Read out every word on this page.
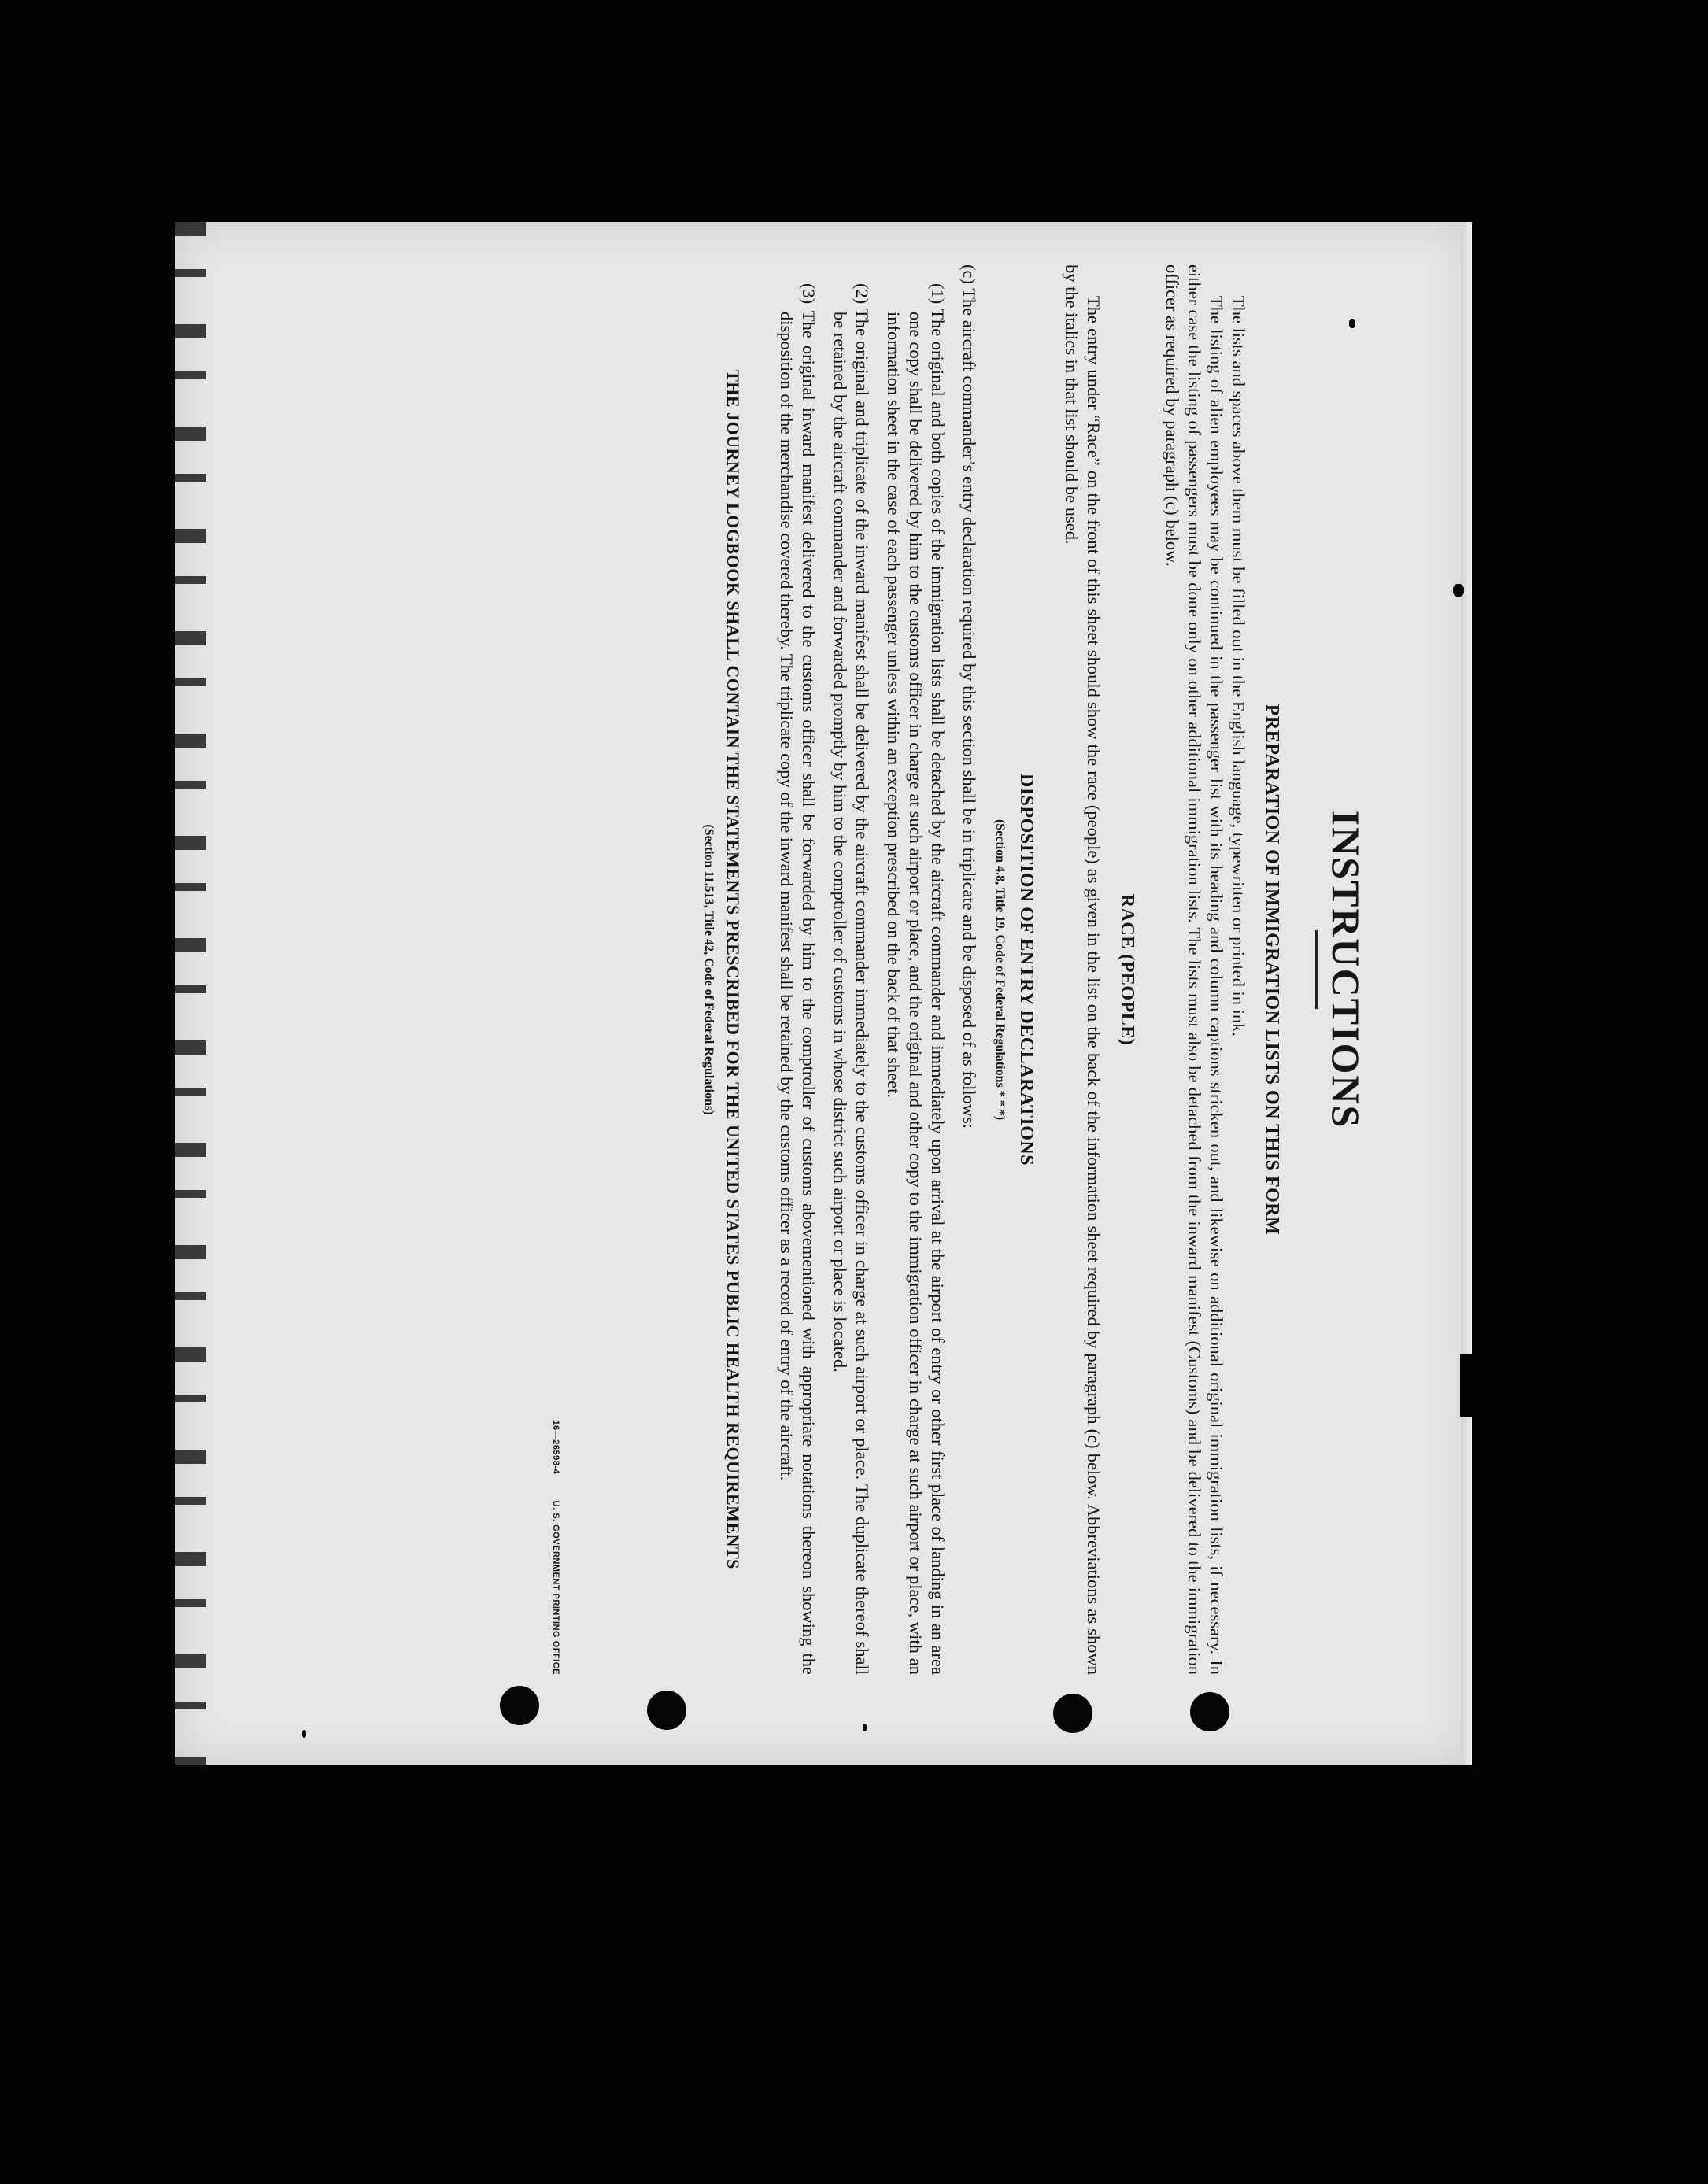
INSTRUCTIONS
PREPARATION OF IMMIGRATION LISTS ON THIS FORM

The lists and spaces above them must be filled out in the English language, typewritten or printed in ink.

The listing of alien employees may be continued in the passenger list with its heading and column captions stricken out, and likewise on additional original immigration lists, if necessary. In either case the listing of passengers must be done only on other additional immigration lists. The lists must also be detached from the inward manifest (Customs) and be delivered to the immigration officer as required by paragraph (c) below.

RACE (PEOPLE)

The entry under “Race” on the front of this sheet should show the race (people) as given in the list on the back of the information sheet required by paragraph (c) below. Abbreviations as shown by the italics in that list should be used.

DISPOSITION OF ENTRY DECLARATIONS
(Section 4.8, Title 19, Code of Federal Regulations * * *)

(c) The aircraft commander’s entry declaration required by this section shall be in triplicate and be disposed of as follows:

(1) The original and both copies of the immigration lists shall be detached by the aircraft commander and immediately upon arrival at the airport of entry or other first place of landing in an area one copy shall be delivered by him to the customs officer in charge at such airport or place, and the original and other copy to the immigration officer in charge at such airport or place, with an information sheet in the case of each passenger unless within an exception prescribed on the back of that sheet.

(2) The original and triplicate of the inward manifest shall be delivered by the aircraft commander immediately to the customs officer in charge at such airport or place. The duplicate thereof shall be retained by the aircraft commander and forwarded promptly by him to the comptroller of customs in whose district such airport or place is located.

(3) The original inward manifest delivered to the customs officer shall be forwarded by him to the comptroller of customs abovementioned with appropriate notations thereon showing the disposition of the merchandise covered thereby. The triplicate copy of the inward manifest shall be retained by the customs officer as a record of entry of the aircraft.

THE JOURNEY LOGBOOK SHALL CONTAIN THE STATEMENTS PRESCRIBED FOR THE UNITED STATES PUBLIC HEALTH REQUIREMENTS
(Section 11.513, Title 42, Code of Federal Regulations)
16—26598-4 U. S. GOVERNMENT PRINTING OFFICE
